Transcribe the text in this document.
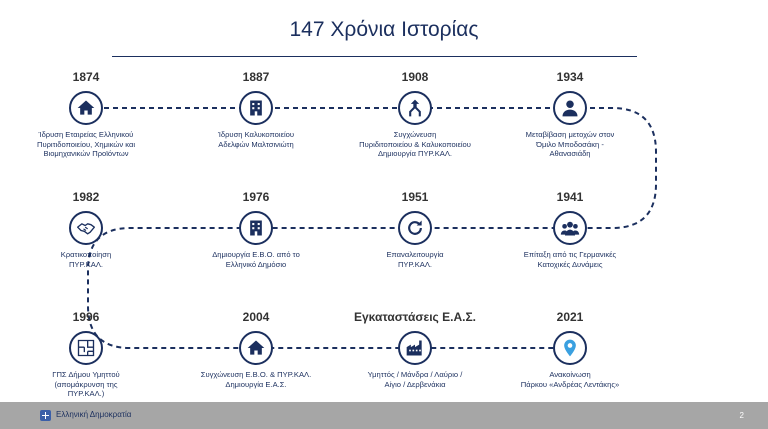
147 Χρόνια Ιστορίας
1874
Ίδρυση Εταιρείας Ελληνικού
Πυριτιδοποιείου, Χημικών και
Βιομηχανικών Προϊόντων
1887
Ίδρυση Καλυκοποιείου
Αδελφών Μαλτσινιώτη
1908
Συγχώνευση
Πυριδιτοποιείου & Καλυκοποιείου
Δημιουργία ΠΥΡ.ΚΑΛ.
1934
Μεταβίβαση μετοχών στον
Όμιλο Μποδοσάκη -
Αθανασιάδη
1982
Κρατικοποίηση
ΠΥΡ.ΚΑΛ.
1976
Δημιουργία Ε.Β.Ο. από το
Ελληνικό Δημόσιο
1951
Επαναλειτουργία
ΠΥΡ.ΚΑΛ.
1941
Επίταξη από τις Γερμανικές
Κατοχικές Δυνάμεις
1996
ΓΠΣ Δήμου Υμηττού
(απομάκρυνση της
ΠΥΡ.ΚΑΛ.)
2004
Συγχώνευση Ε.Β.Ο. & ΠΥΡ.ΚΑΛ.
Δημιουργία Ε.Α.Σ.
Εγκαταστάσεις Ε.Α.Σ.
Υμηττός / Μάνδρα / Λαύριο /
Αίγιο / Δερβενάκια
2021
Ανακοίνωση
Πάρκου «Ανδρέας Λεντάκης»
Ελληνική Δημοκρατία	2
